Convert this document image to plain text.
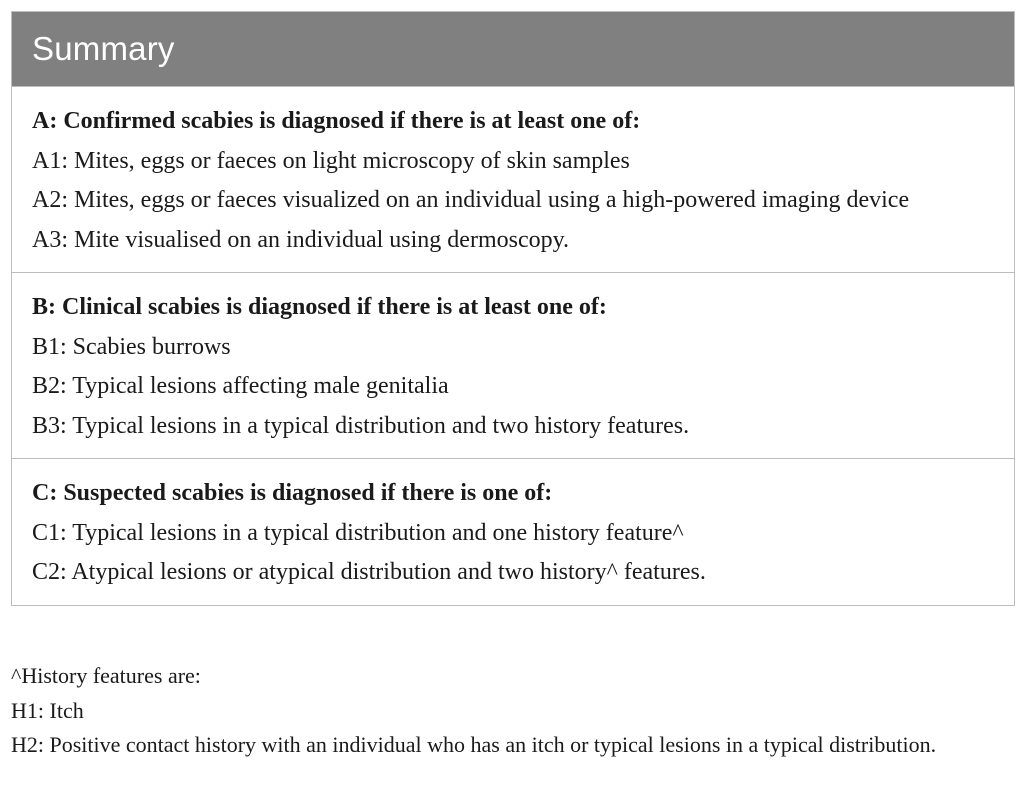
Summary
A: Confirmed scabies is diagnosed if there is at least one of:
A1: Mites, eggs or faeces on light microscopy of skin samples
A2: Mites, eggs or faeces visualized on an individual using a high-powered imaging device
A3: Mite visualised on an individual using dermoscopy.
B: Clinical scabies is diagnosed if there is at least one of:
B1: Scabies burrows
B2: Typical lesions affecting male genitalia
B3: Typical lesions in a typical distribution and two history features.
C: Suspected scabies is diagnosed if there is one of:
C1: Typical lesions in a typical distribution and one history feature^
C2: Atypical lesions or atypical distribution and two history^ features.
^History features are:
H1: Itch
H2: Positive contact history with an individual who has an itch or typical lesions in a typical distribution.
